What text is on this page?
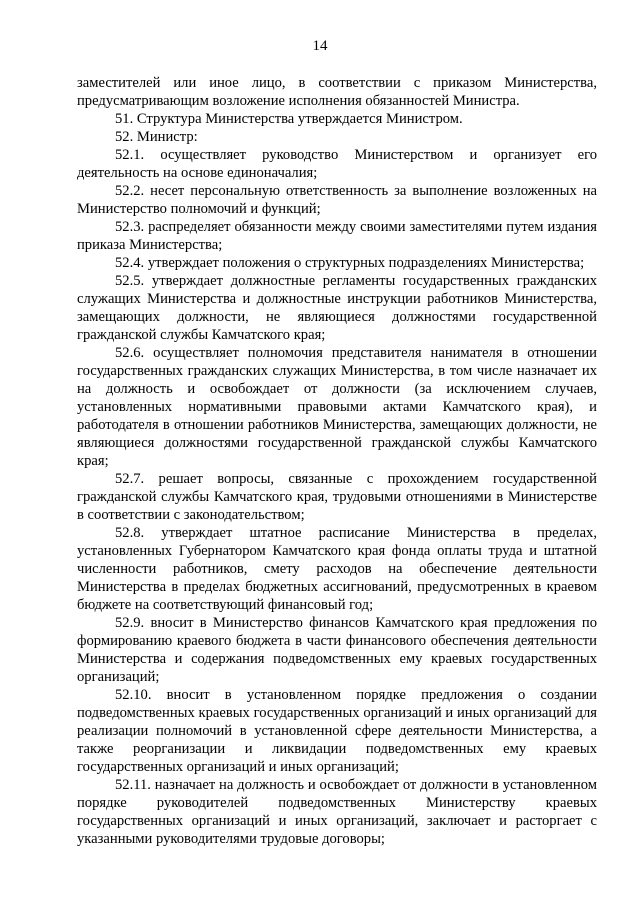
14

заместителей или иное лицо, в соответствии с приказом Министерства, предусматривающим возложение исполнения обязанностей Министра.

51. Структура Министерства утверждается Министром.

52. Министр:

52.1. осуществляет руководство Министерством и организует его деятельность на основе единоначалия;

52.2. несет персональную ответственность за выполнение возложенных на Министерство полномочий и функций;

52.3. распределяет обязанности между своими заместителями путем издания приказа Министерства;

52.4. утверждает положения о структурных подразделениях Министерства;

52.5. утверждает должностные регламенты государственных гражданских служащих Министерства и должностные инструкции работников Министерства, замещающих должности, не являющиеся должностями государственной гражданской службы Камчатского края;

52.6. осуществляет полномочия представителя нанимателя в отношении государственных гражданских служащих Министерства, в том числе назначает их на должность и освобождает от должности (за исключением случаев, установленных нормативными правовыми актами Камчатского края), и работодателя в отношении работников Министерства, замещающих должности, не являющиеся должностями государственной гражданской службы Камчатского края;

52.7. решает вопросы, связанные с прохождением государственной гражданской службы Камчатского края, трудовыми отношениями в Министерстве в соответствии с законодательством;

52.8. утверждает штатное расписание Министерства в пределах, установленных Губернатором Камчатского края фонда оплаты труда и штатной численности работников, смету расходов на обеспечение деятельности Министерства в пределах бюджетных ассигнований, предусмотренных в краевом бюджете на соответствующий финансовый год;

52.9. вносит в Министерство финансов Камчатского края предложения по формированию краевого бюджета в части финансового обеспечения деятельности Министерства и содержания подведомственных ему краевых государственных организаций;

52.10. вносит в установленном порядке предложения о создании подведомственных краевых государственных организаций и иных организаций для реализации полномочий в установленной сфере деятельности Министерства, а также реорганизации и ликвидации подведомственных ему краевых государственных организаций и иных организаций;

52.11. назначает на должность и освобождает от должности в установленном порядке руководителей подведомственных Министерству краевых государственных организаций и иных организаций, заключает и расторгает с указанными руководителями трудовые договоры;
